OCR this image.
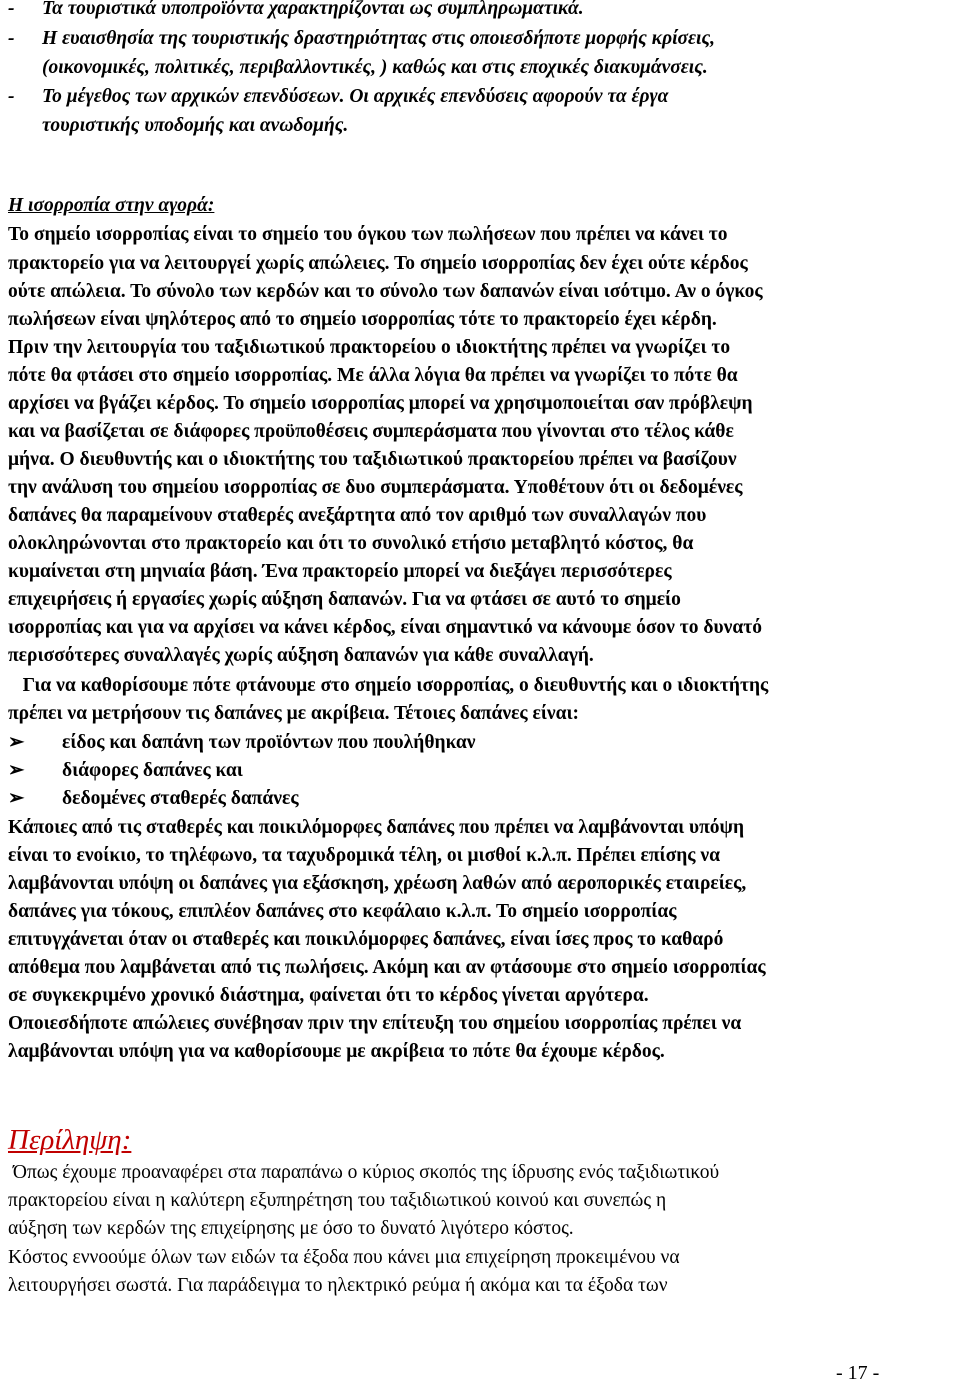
- Τα τουριστικά υποπροϊόντα χαρακτηρίζονται ως συμπληρωματικά.
- Η ευαισθησία της τουριστικής δραστηριότητας στις οποιεσδήποτε μορφής κρίσεις,
(οικονομικές, πολιτικές, περιβαλλοντικές, ) καθώς και στις εποχικές διακυμάνσεις.
- Το μέγεθος των αρχικών επενδύσεων. Οι αρχικές επενδύσεις αφορούν τα έργα
τουριστικής υποδομής και ανωδομής.
Η ισορροπία στην αγορά:
Το σημείο ισορροπίας είναι το σημείο του όγκου των πωλήσεων που πρέπει να κάνει το
πρακτορείο για να λειτουργεί χωρίς απώλειες. Το σημείο ισορροπίας δεν έχει ούτε κέρδος
ούτε απώλεια. Το σύνολο των κερδών και το σύνολο των δαπανών είναι ισότιμο. Αν ο όγκος
πωλήσεων είναι ψηλότερος από το σημείο ισορροπίας τότε το πρακτορείο έχει κέρδη.
Πριν την λειτουργία του ταξιδιωτικού πρακτορείου ο ιδιοκτήτης πρέπει να γνωρίζει το
πότε θα φτάσει στο σημείο ισορροπίας. Με άλλα λόγια θα πρέπει να γνωρίζει το πότε θα
αρχίσει να βγάζει κέρδος. Το σημείο ισορροπίας μπορεί να χρησιμοποιείται σαν πρόβλεψη
και να βασίζεται σε διάφορες προϋποθέσεις συμπεράσματα που γίνονται στο τέλος κάθε
μήνα. Ο διευθυντής και ο ιδιοκτήτης του ταξιδιωτικού πρακτορείου πρέπει να βασίζουν
την ανάλυση του σημείου ισορροπίας σε δυο συμπεράσματα. Υποθέτουν ότι οι δεδομένες
δαπάνες θα παραμείνουν σταθερές ανεξάρτητα από τον αριθμό των συναλλαγών που
ολοκληρώνονται στο πρακτορείο και ότι το συνολικό ετήσιο μεταβλητό κόστος, θα
κυμαίνεται στη μηνιαία βάση. Ένα πρακτορείο μπορεί να διεξάγει περισσότερες
επιχειρήσεις ή εργασίες χωρίς αύξηση δαπανών. Για να φτάσει σε αυτό το σημείο
ισορροπίας και για να αρχίσει να κάνει κέρδος, είναι σημαντικό να κάνουμε όσον το δυνατό
περισσότερες συναλλαγές χωρίς αύξηση δαπανών για κάθε συναλλαγή.
Για να καθορίσουμε πότε φτάνουμε στο σημείο ισορροπίας, ο διευθυντής και ο ιδιοκτήτης
πρέπει να μετρήσουν τις δαπάνες με ακρίβεια. Τέτοιες δαπάνες είναι:
➢ είδος και δαπάνη των προϊόντων που πουλήθηκαν
➢ διάφορες δαπάνες και
➢ δεδομένες σταθερές δαπάνες
Κάποιες από τις σταθερές και ποικιλόμορφες δαπάνες που πρέπει να λαμβάνονται υπόψη
είναι το ενοίκιο, το τηλέφωνο, τα ταχυδρομικά τέλη, οι μισθοί κ.λ.π. Πρέπει επίσης να
λαμβάνονται υπόψη οι δαπάνες για εξάσκηση, χρέωση λαθών από αεροπορικές εταιρείες,
δαπάνες για τόκους, επιπλέον δαπάνες στο κεφάλαιο κ.λ.π. Το σημείο ισορροπίας
επιτυγχάνεται όταν οι σταθερές και ποικιλόμορφες δαπάνες, είναι ίσες προς το καθαρό
απόθεμα που λαμβάνεται από τις πωλήσεις. Ακόμη και αν φτάσουμε στο σημείο ισορροπίας
σε συγκεκριμένο χρονικό διάστημα, φαίνεται ότι το κέρδος γίνεται αργότερα.
Οποιεσδήποτε απώλειες συνέβησαν πριν την επίτευξη του σημείου ισορροπίας πρέπει να
λαμβάνονται υπόψη για να καθορίσουμε με ακρίβεια το πότε θα έχουμε κέρδος.
Περίληψη:
Όπως έχουμε προαναφέρει στα παραπάνω ο κύριος σκοπός της ίδρυσης ενός ταξιδιωτικού
πρακτορείου είναι η καλύτερη εξυπηρέτηση του ταξιδιωτικού κοινού και συνεπώς η
αύξηση των κερδών της επιχείρησης με όσο το δυνατό λιγότερο κόστος.
Κόστος εννοούμε όλων των ειδών τα έξοδα που κάνει μια επιχείρηση προκειμένου να
λειτουργήσει σωστά. Για παράδειγμα το ηλεκτρικό ρεύμα ή ακόμα και τα έξοδα των
- 17 -
